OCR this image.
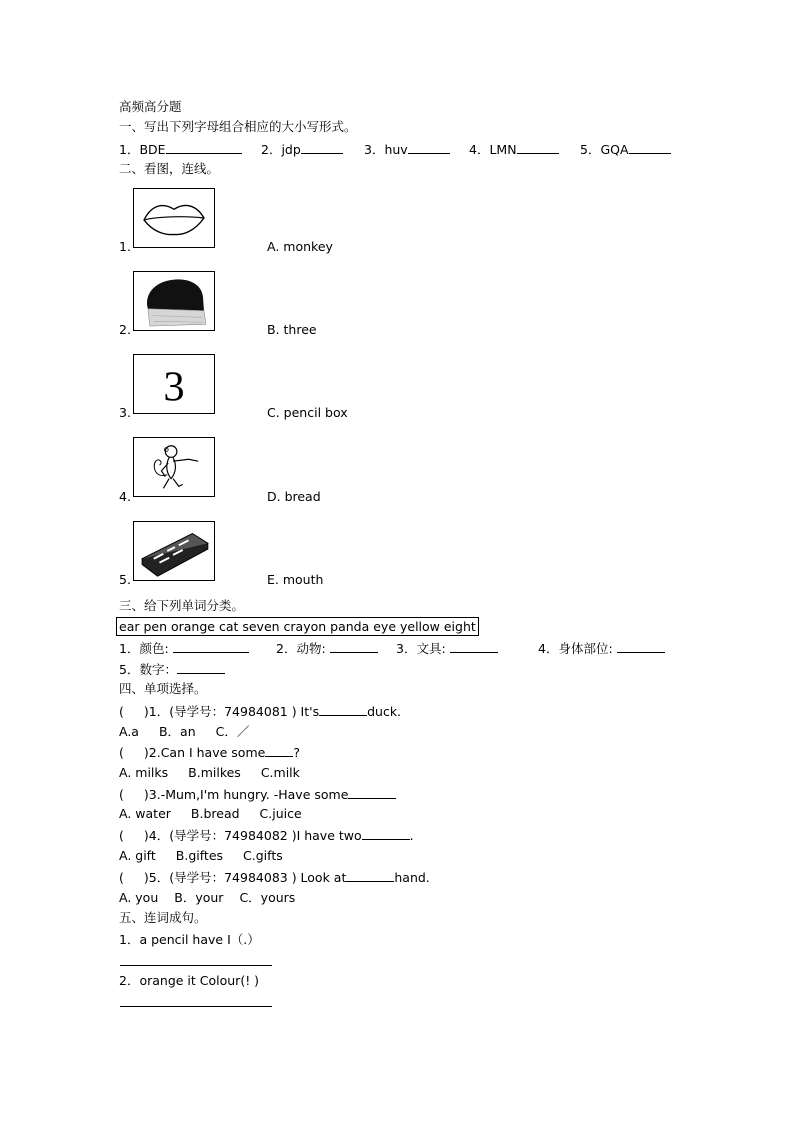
高频高分题
一、写出下列字母组合相应的大小写形式。
1．BDE	2．jdp	3．huv	4．LMN	5．GQA
二、看图，连线。
1.	A. monkey
2.	B. three
3
3.	C. pencil box
4.	D. bread
5.	E. mouth
三、给下列单词分类。
ear pen orange cat seven crayon panda eye yellow eight
1．颜色:	2．动物:	3．文具:	4．身体部位:
5．数字：
四、单项选择。
( )1．(导学号：74984081 ) It's	duck.
A.a B．an C．／
( )2.Can I have some ?
A. milks B.milkes C.milk
( )3.-Mum,I'm hungry. -Have some
A. water B.bread C.juice
( )4．(导学号：74984082 )I have two	.
A. gift B.giftes C.gifts
( )5．(导学号：74984083 ) Look at	hand.
A. you B．your C．yours
五、连词成句。
1．a pencil have I（.）
2．orange it Colour(! )
